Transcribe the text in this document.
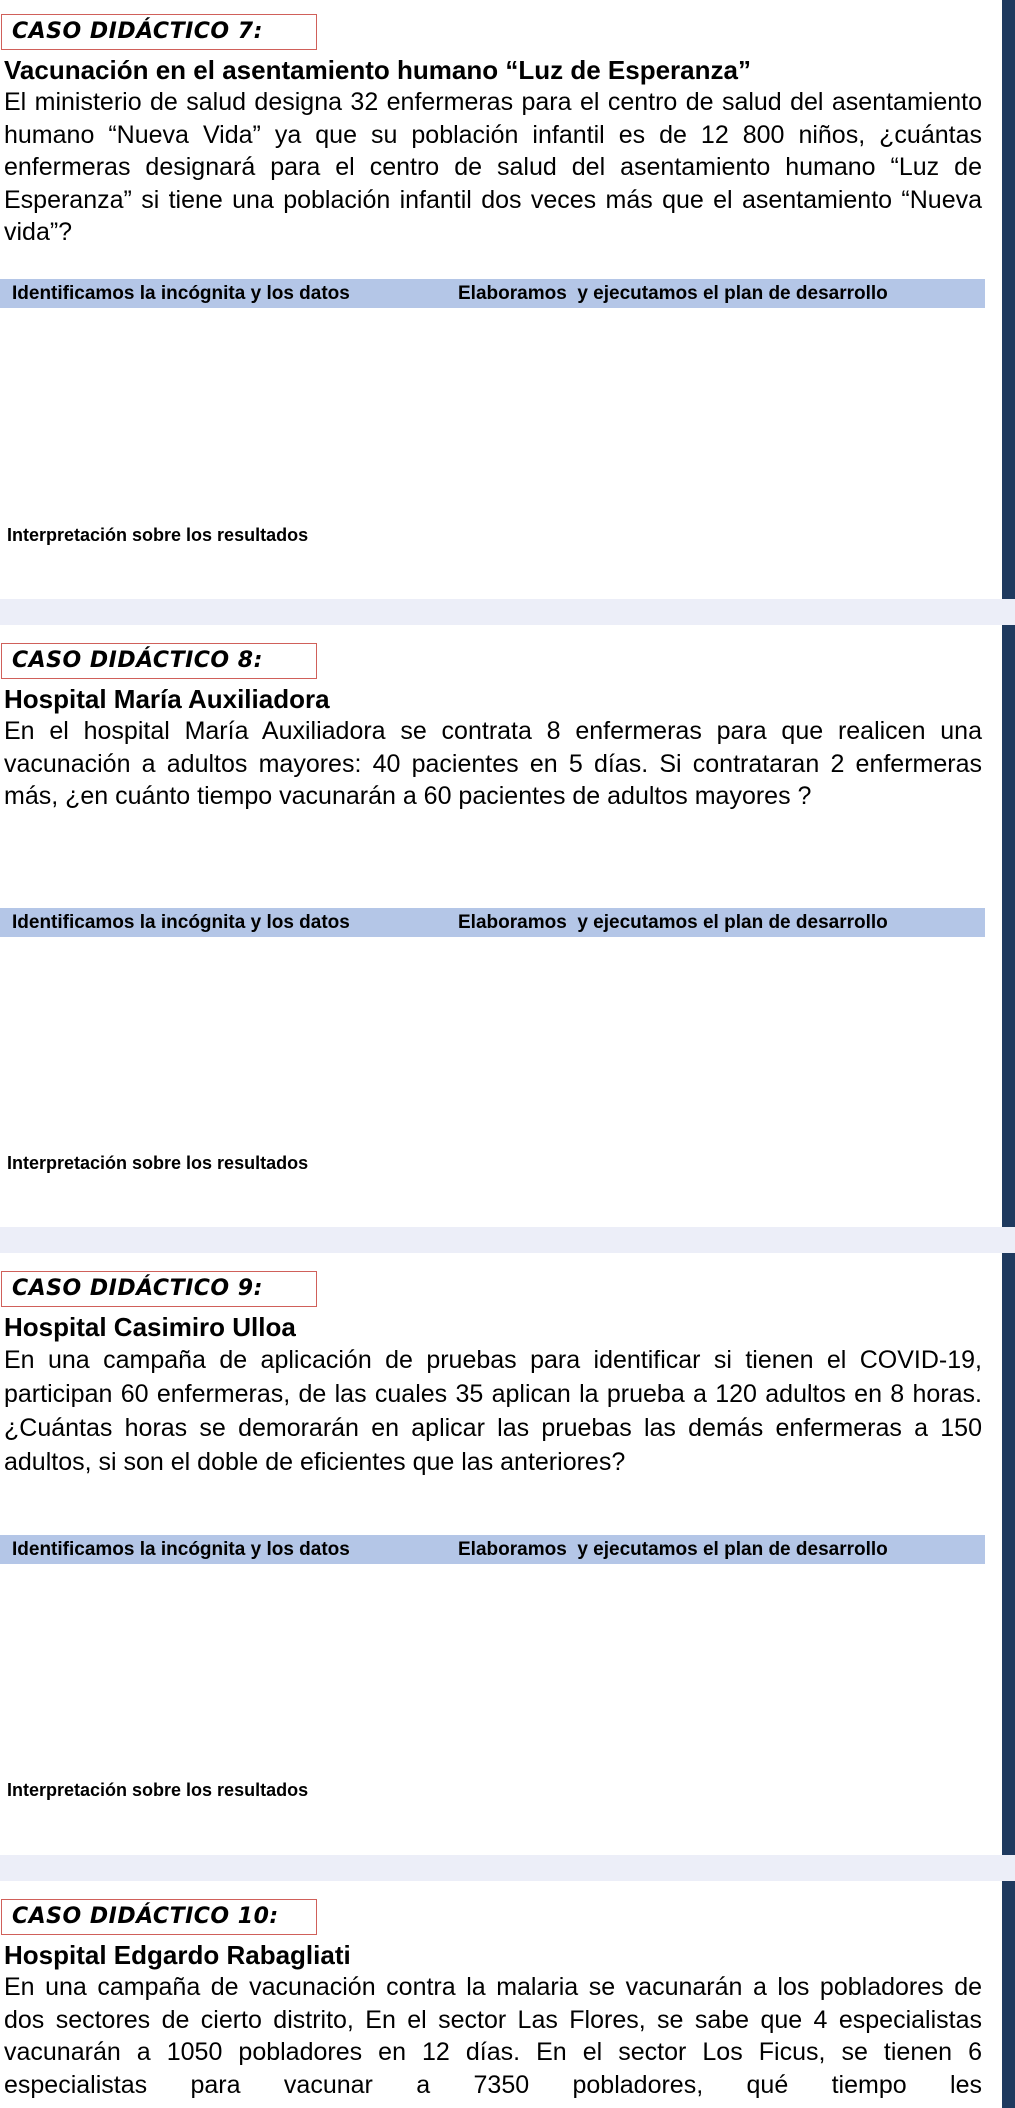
CASO DIDÁCTICO 7:
Vacunación en el asentamiento humano “Luz de Esperanza”
El ministerio de salud designa 32 enfermeras para el centro de salud del asentamiento humano “Nueva Vida” ya que su población infantil es de 12 800 niños, ¿cuántas enfermeras designará para el centro de salud del asentamiento humano “Luz de Esperanza” si tiene una población infantil dos veces más que el asentamiento “Nueva vida”?
Identificamos la incógnita y los datos	Elaboramos  y ejecutamos el plan de desarrollo
Interpretación sobre los resultados
CASO DIDÁCTICO 8:
Hospital María Auxiliadora
En el hospital María Auxiliadora se contrata 8 enfermeras para que realicen una vacunación a adultos mayores: 40 pacientes en 5 días. Si contrataran 2 enfermeras más, ¿en cuánto tiempo vacunarán a 60 pacientes de adultos mayores ?
Identificamos la incógnita y los datos	Elaboramos  y ejecutamos el plan de desarrollo
Interpretación sobre los resultados
CASO DIDÁCTICO 9:
Hospital Casimiro Ulloa
En una campaña de aplicación de pruebas para identificar si tienen el COVID-19, participan 60 enfermeras, de las cuales 35 aplican la prueba a 120 adultos en 8 horas. ¿Cuántas horas se demorarán en aplicar las pruebas las demás enfermeras a 150 adultos, si son el doble de eficientes que las anteriores?
Identificamos la incógnita y los datos	Elaboramos  y ejecutamos el plan de desarrollo
Interpretación sobre los resultados
CASO DIDÁCTICO 10:
Hospital Edgardo Rabagliati
En una campaña de vacunación contra la malaria se vacunarán a los pobladores de dos sectores de cierto distrito, En el sector Las Flores, se sabe que 4 especialistas vacunarán a 1050 pobladores en 12 días. En el sector Los Ficus, se tienen 6 especialistas para vacunar a 7350 pobladores, qué tiempo les
